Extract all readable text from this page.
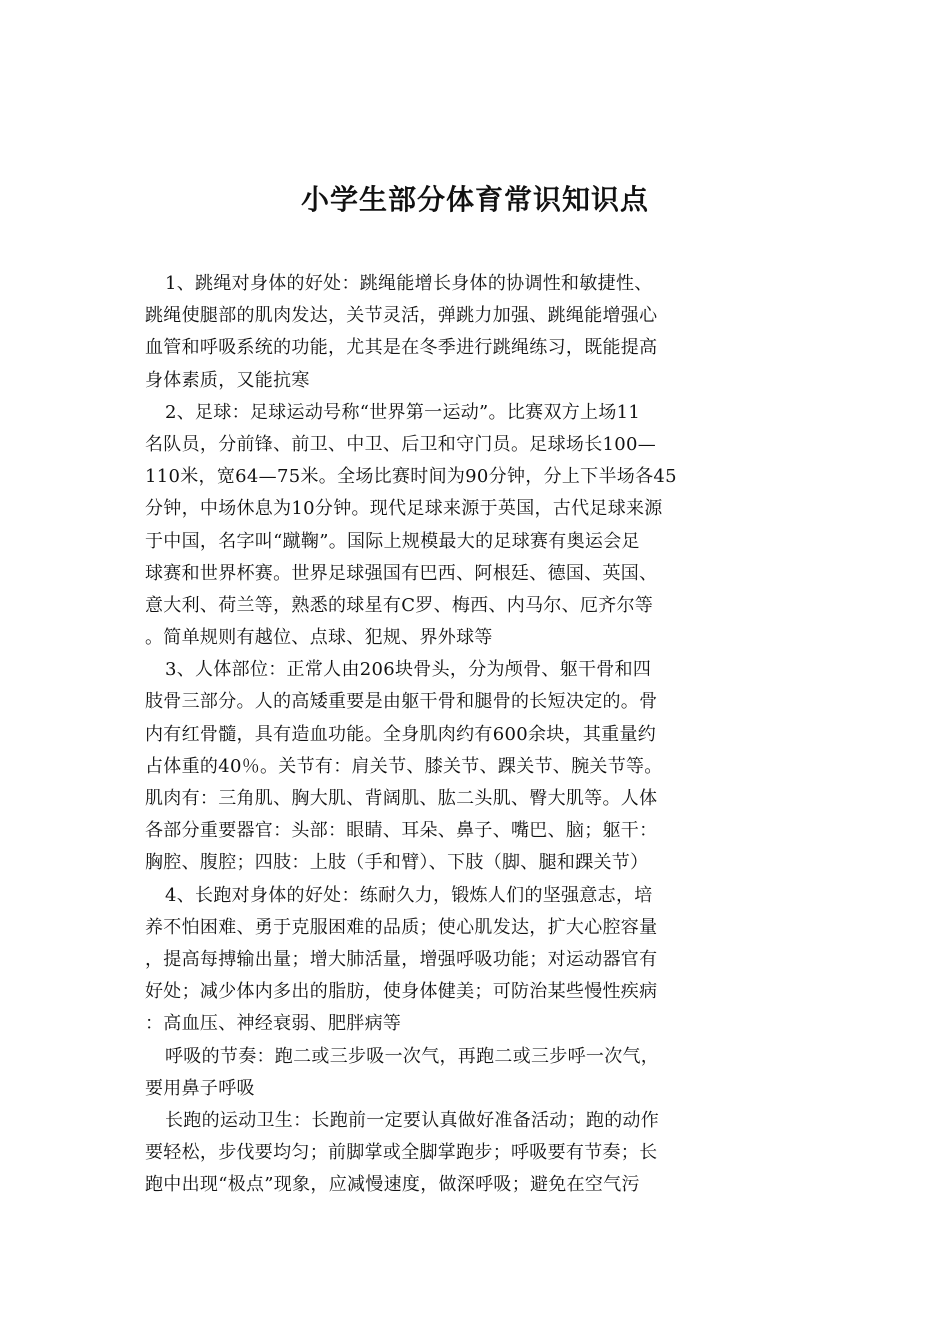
小学生部分体育常识知识点
1、跳绳对身体的好处：跳绳能增长身体的协调性和敏捷性、
跳绳使腿部的肌肉发达，关节灵活，弹跳力加强、跳绳能增强心
血管和呼吸系统的功能，尤其是在冬季进行跳绳练习，既能提高
身体素质，又能抗寒
2、足球：足球运动号称“世界第一运动”。比赛双方上场11
名队员，分前锋、前卫、中卫、后卫和守门员。足球场长100—
110米，宽64—75米。全场比赛时间为90分钟，分上下半场各45
分钟，中场休息为10分钟。现代足球来源于英国，古代足球来源
于中国，名字叫“蹴鞠”。国际上规模最大的足球赛有奥运会足
球赛和世界杯赛。世界足球强国有巴西、阿根廷、德国、英国、
意大利、荷兰等，熟悉的球星有C罗、梅西、内马尔、厄齐尔等
。简单规则有越位、点球、犯规、界外球等
3、人体部位：正常人由206块骨头，分为颅骨、躯干骨和四
肢骨三部分。人的高矮重要是由躯干骨和腿骨的长短决定的。骨
内有红骨髓，具有造血功能。全身肌肉约有600余块，其重量约
占体重的40％。关节有：肩关节、膝关节、踝关节、腕关节等。
肌肉有：三角肌、胸大肌、背阔肌、肱二头肌、臀大肌等。人体
各部分重要器官：头部：眼睛、耳朵、鼻子、嘴巴、脑；躯干：
胸腔、腹腔；四肢：上肢（手和臂）、下肢（脚、腿和踝关节）
4、长跑对身体的好处：练耐久力，锻炼人们的坚强意志，培
养不怕困难、勇于克服困难的品质；使心肌发达，扩大心腔容量
，提高每搏输出量；增大肺活量，增强呼吸功能；对运动器官有
好处；减少体内多出的脂肪，使身体健美；可防治某些慢性疾病
：高血压、神经衰弱、肥胖病等
呼吸的节奏：跑二或三步吸一次气，再跑二或三步呼一次气，
要用鼻子呼吸
长跑的运动卫生：长跑前一定要认真做好准备活动；跑的动作
要轻松，步伐要均匀；前脚掌或全脚掌跑步；呼吸要有节奏；长
跑中出现“极点”现象，应减慢速度，做深呼吸；避免在空气污
